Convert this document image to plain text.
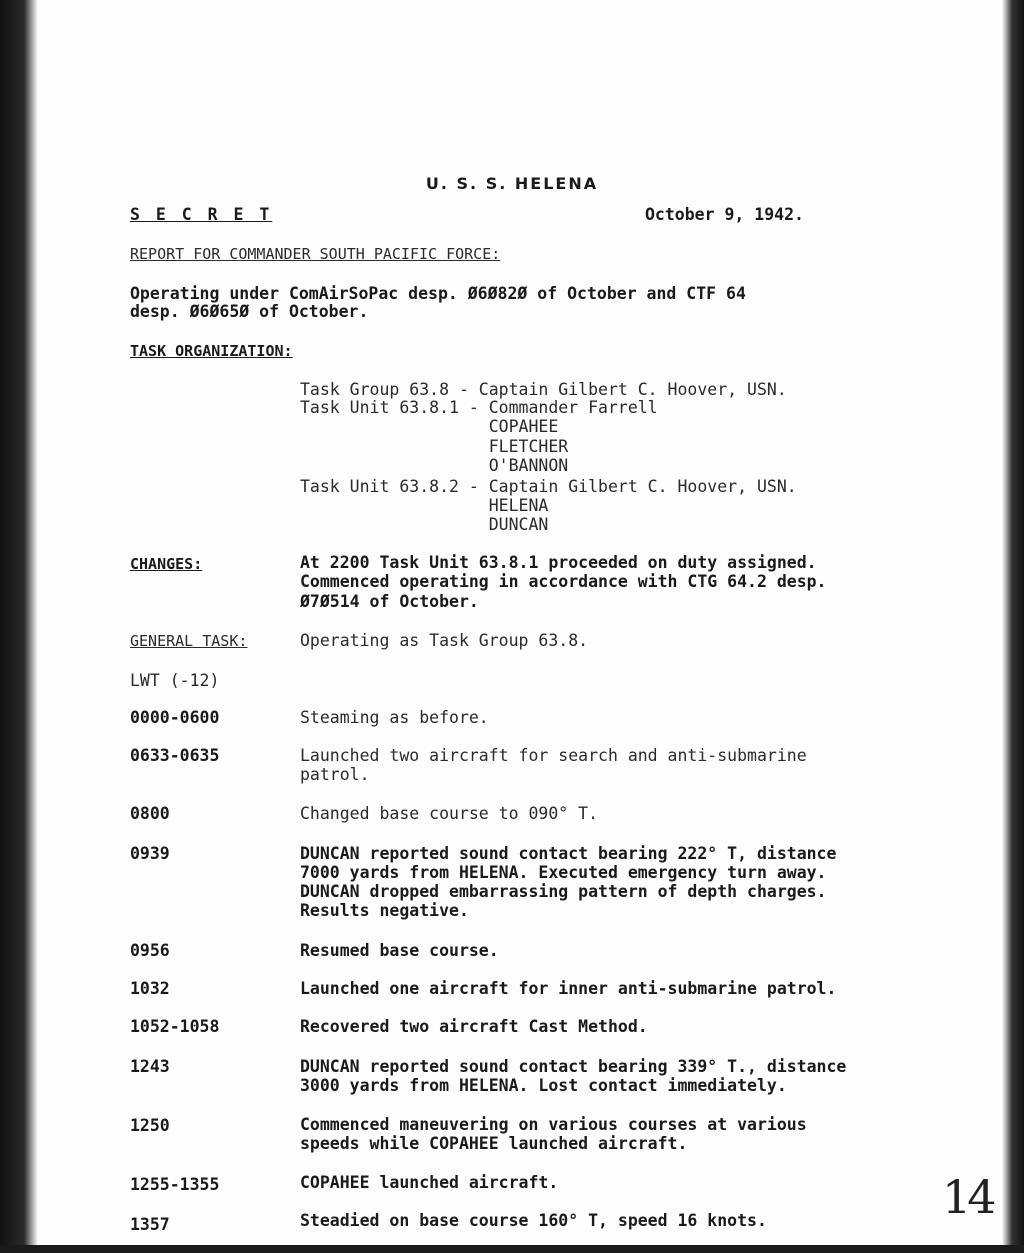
U. S. S. HELENA
S E C R E T	October 9, 1942.
REPORT FOR COMMANDER SOUTH PACIFIC FORCE:
Operating under ComAirSoPac desp. Ø6Ø82Ø of October and CTF 64
desp. Ø6Ø65Ø of October.
TASK ORGANIZATION:
Task Group 63.8 - Captain Gilbert C. Hoover, USN.
Task Unit 63.8.1 - Commander Farrell
COPAHEE
FLETCHER
O'BANNON
Task Unit 63.8.2 - Captain Gilbert C. Hoover, USN.
HELENA
DUNCAN
CHANGES:	At 2200 Task Unit 63.8.1 proceeded on duty assigned.
Commenced operating in accordance with CTG 64.2 desp.
Ø7Ø514 of October.
GENERAL TASK:	Operating as Task Group 63.8.
LWT (-12)
0000-0600	Steaming as before.
0633-0635	Launched two aircraft for search and anti-submarine
patrol.
0800	Changed base course to 090° T.
0939	DUNCAN reported sound contact bearing 222° T, distance
7000 yards from HELENA. Executed emergency turn away.
DUNCAN dropped embarrassing pattern of depth charges.
Results negative.
0956	Resumed base course.
1032	Launched one aircraft for inner anti-submarine patrol.
1052-1058	Recovered two aircraft Cast Method.
1243	DUNCAN reported sound contact bearing 339° T., distance
3000 yards from HELENA. Lost contact immediately.
1250	Commenced maneuvering on various courses at various
speeds while COPAHEE launched aircraft.
1255-1355	COPAHEE launched aircraft.
1357	Steadied on base course 160° T, speed 16 knots.	14
